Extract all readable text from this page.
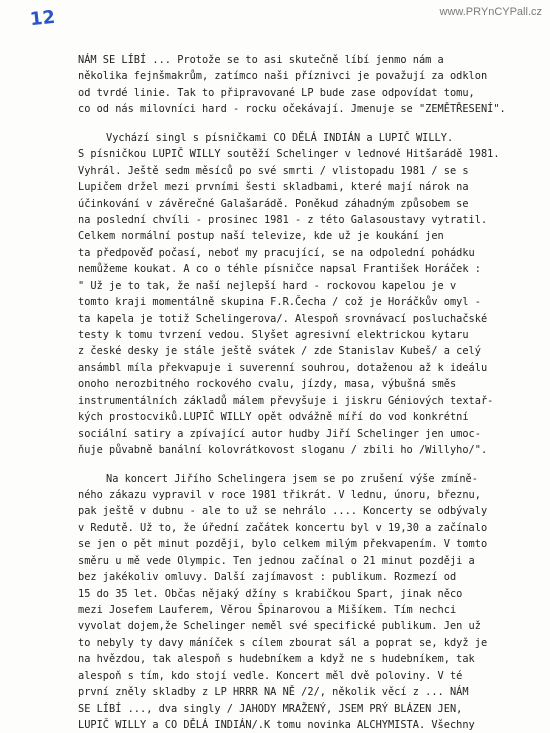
12	www.PRYnCYPall.cz
NÁM SE LÍBÍ ... Protože se to asi skutečně líbí jenmo nám a
několika fejnšmakrům, zatímco naši příznivci je považují za odklon
od tvrdé linie. Tak to připravované LP bude zase odpovídat tomu,
co od nás milovníci hard - rocku očekávají. Jmenuje se "ZEMĚTŘESENÍ".
Vychází singl s písničkami CO DĚLÁ INDIÁN a LUPIČ WILLY.
S písničkou LUPIČ WILLY soutěží Schelinger v lednové Hitšarádě 1981.
Vyhrál. Ještě sedm měsíců po své smrti / vlistopadu 1981 / se s
Lupičem držel mezi prvními šesti skladbami, které mají nárok na
účinkování v závěrečné Galašarádě. Poněkud záhadným způsobem se
na poslední chvíli - prosinec 1981 - z této Galasoustavy vytratil.
Celkem normální postup naší televize, kde už je koukání jen
ta předpověď počasí, neboť my pracující, se na odpolední pohádku
nemůžeme koukat. A co o téhle písničce napsal František Horáček :
" Už je to tak, že naší nejlepší hard - rockovou kapelou je v
tomto kraji momentálně skupina F.R.Čecha / což je Horáčkův omyl -
ta kapela je totiž Schelingerova/. Alespoň srovnávací posluchačské
testy k tomu tvrzení vedou. Slyšet agresivní elektrickou kytaru
z české desky je stále ještě svátek / zde Stanislav Kubeš/ a celý
ansámbl míla překvapuje i suverenní souhrou, dotaženou až k ideálu
onoho nerozbitného rockového cvalu, jízdy, masa, výbušná směs
instrumentálních základů málem převyšuje i jiskru Géniových textař-
kých prostocviků.LUPIČ WILLY opět odvážně míří do vod konkrétní
sociální satiry a zpívající autor hudby Jiří Schelinger jen umoc-
ňuje půvabně banální kolovrátkovost sloganu / zbili ho /Willyho/".
Na koncert Jiřího Schelingera jsem se po zrušení výše zmíně-
ného zákazu vypravil v roce 1981 třikrát. V lednu, únoru, březnu,
pak ještě v dubnu - ale to už se nehrálo .... Koncerty se odbývaly
v Redutě. Už to, že úřední začátek koncertu byl v 19,30 a začínalo
se jen o pět minut později, bylo celkem milým překvapením. V tomto
směru u mě vede Olympic. Ten jednou začínal o 21 minut později a
bez jakékoliv omluvy. Další zajímavost : publikum. Rozmezí od
15 do 35 let. Občas nějaký džíny s krabičkou Spart, jinak něco
mezi Josefem Lauferem, Věrou Špinarovou a Mišíkem. Tím nechci
vyvolat dojem,že Schelinger neměl své specifické publikum. Jen už
to nebyly ty davy máníček s cílem zbourat sál a poprat se, když je
na hvězdou, tak alespoň s hudebníkem a když ne s hudebníkem, tak
alespoň s tím, kdo stojí vedle. Koncert měl dvě poloviny. V té
první zněly skladby z LP HRRR NA NĚ /2/, několik věcí z ... NÁM
SE LÍBÍ ..., dva singly / JAHODY MRAŽENÝ, JSEM PRÝ BLÁZEN JEN,
LUPIČ WILLY a CO DĚLÁ INDIÁN/.K tomu novinka ALCHYMISTA. Všechny
